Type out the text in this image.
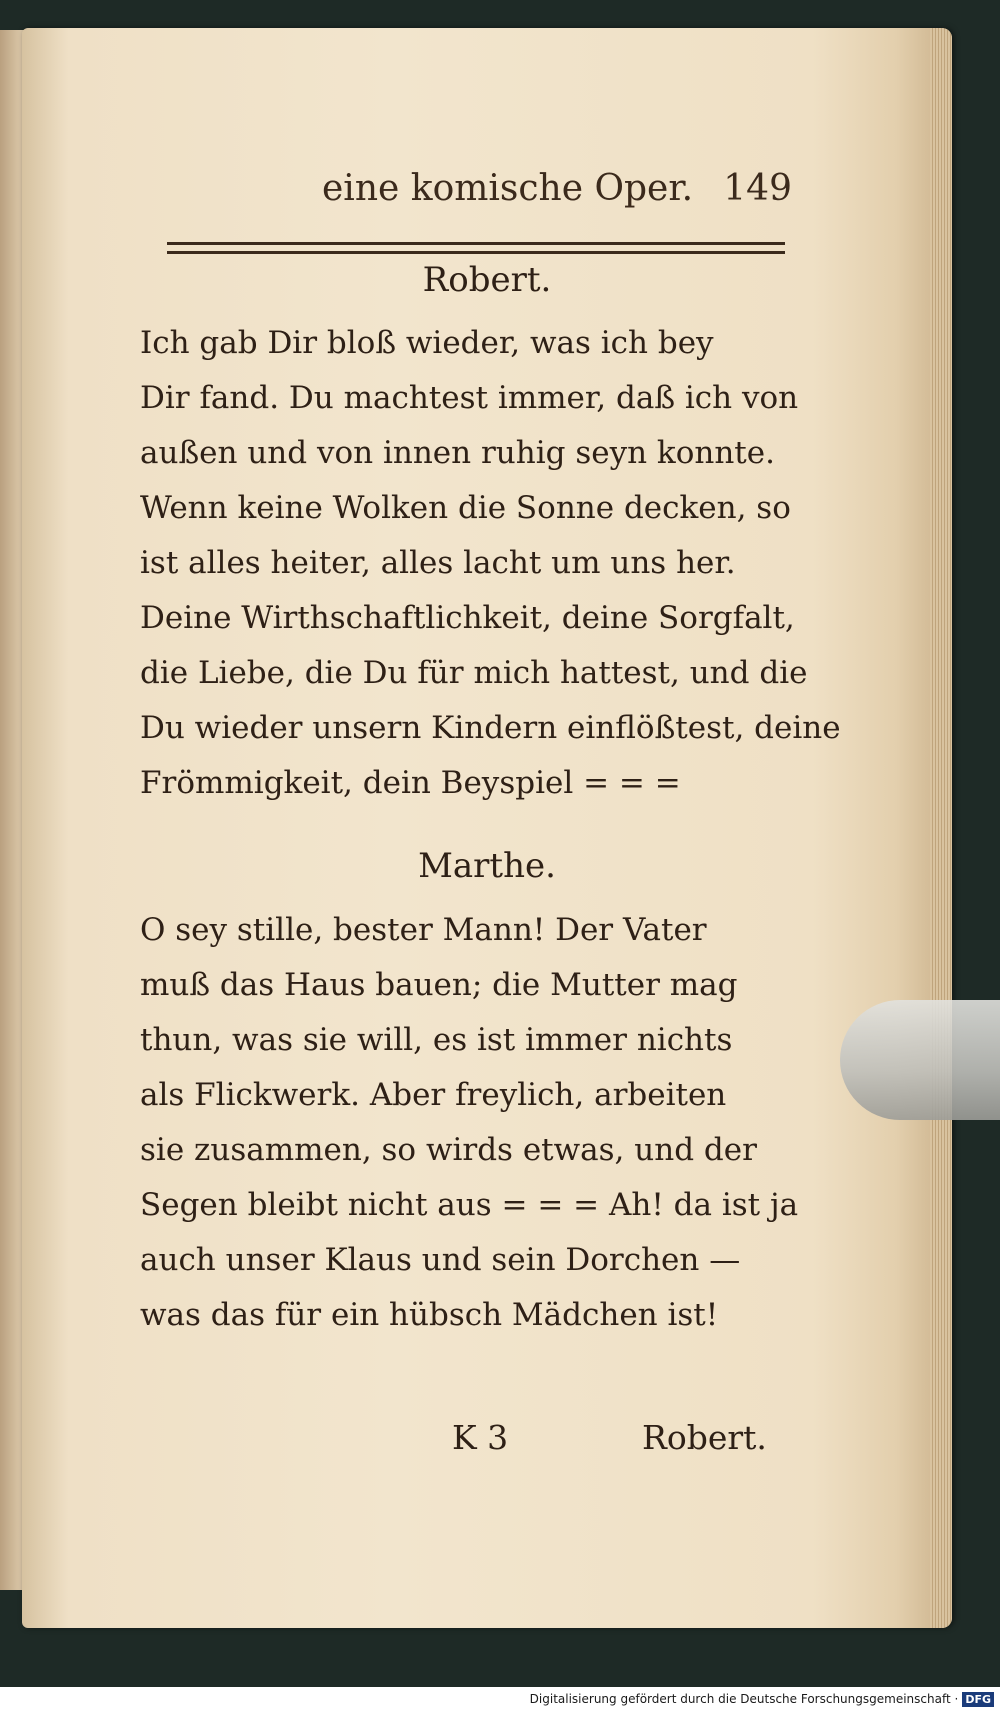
eine komische Oper. 149
Robert.
Ich gab Dir bloß wieder, was ich bey
Dir fand. Du machtest immer, daß ich von
außen und von innen ruhig seyn konnte.
Wenn keine Wolken die Sonne decken, so
ist alles heiter, alles lacht um uns her.
Deine Wirthschaftlichkeit, deine Sorgfalt,
die Liebe, die Du für mich hattest, und die
Du wieder unsern Kindern einflößtest, deine
Frömmigkeit, dein Beyspiel = = =
Marthe.
O sey stille, bester Mann! Der Vater
muß das Haus bauen; die Mutter mag
thun, was sie will, es ist immer nichts
als Flickwerk. Aber freylich, arbeiten
sie zusammen, so wirds etwas, und der
Segen bleibt nicht aus = = = Ah! da ist ja
auch unser Klaus und sein Dorchen —
was das für ein hübsch Mädchen ist!
K 3	Robert.
Digitalisierung gefördert durch die Deutsche Forschungsgemeinschaft · DFG
